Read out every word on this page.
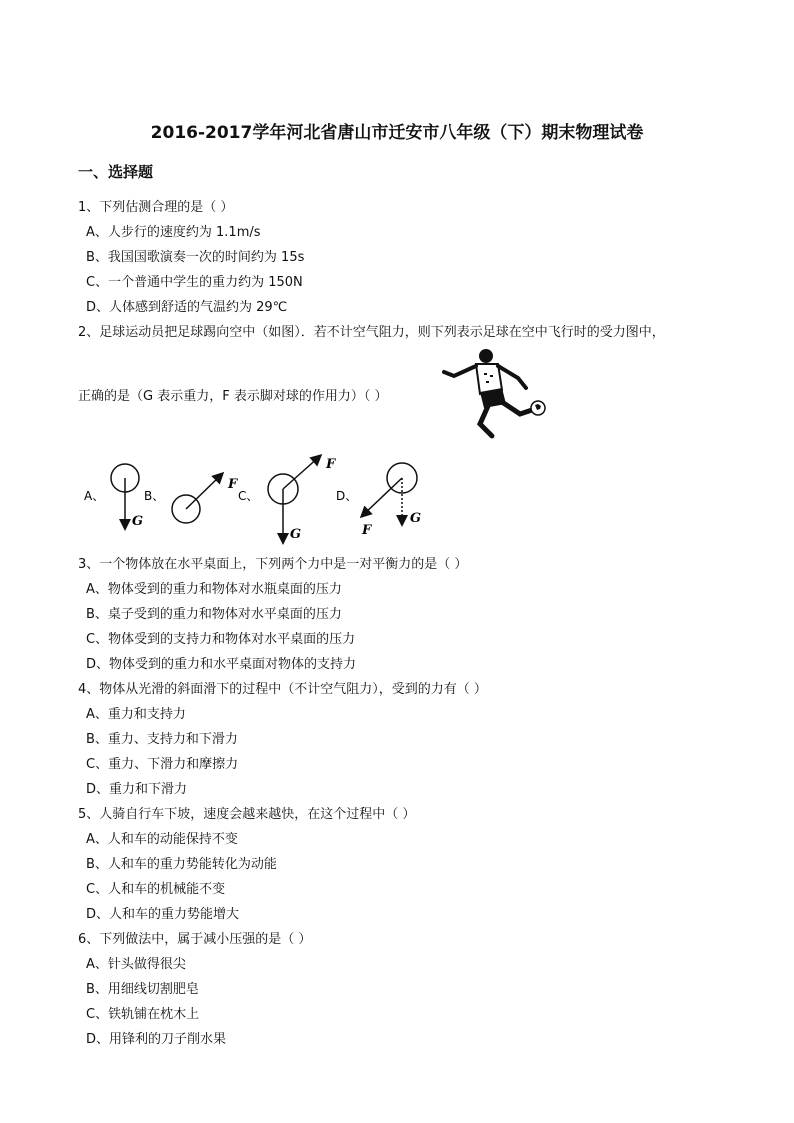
2016-2017学年河北省唐山市迁安市八年级（下）期末物理试卷
一、选择题
1、下列估测合理的是（ ）
A、人步行的速度约为 1.1m/s
B、我国国歌演奏一次的时间约为 15s
C、一个普通中学生的重力约为 150N
D、人体感到舒适的气温约为 29℃
2、足球运动员把足球踢向空中（如图）．若不计空气阻力，则下列表示足球在空中飞行时的受力图中，
正确的是（G 表示重力，F 表示脚对球的作用力）（ ）
A、
G
B、
F
C、
F
G
D、
G
F
3、一个物体放在水平桌面上，下列两个力中是一对平衡力的是（ ）
A、物体受到的重力和物体对水瓶桌面的压力
B、桌子受到的重力和物体对水平桌面的压力
C、物体受到的支持力和物体对水平桌面的压力
D、物体受到的重力和水平桌面对物体的支持力
4、物体从光滑的斜面滑下的过程中（不计空气阻力），受到的力有（ ）
A、重力和支持力
B、重力、支持力和下滑力
C、重力、下滑力和摩擦力
D、重力和下滑力
5、人骑自行车下坡，速度会越来越快，在这个过程中（ ）
A、人和车的动能保持不变
B、人和车的重力势能转化为动能
C、人和车的机械能不变
D、人和车的重力势能增大
6、下列做法中，属于减小压强的是（ ）
A、针头做得很尖
B、用细线切割肥皂
C、铁轨铺在枕木上
D、用锋利的刀子削水果
